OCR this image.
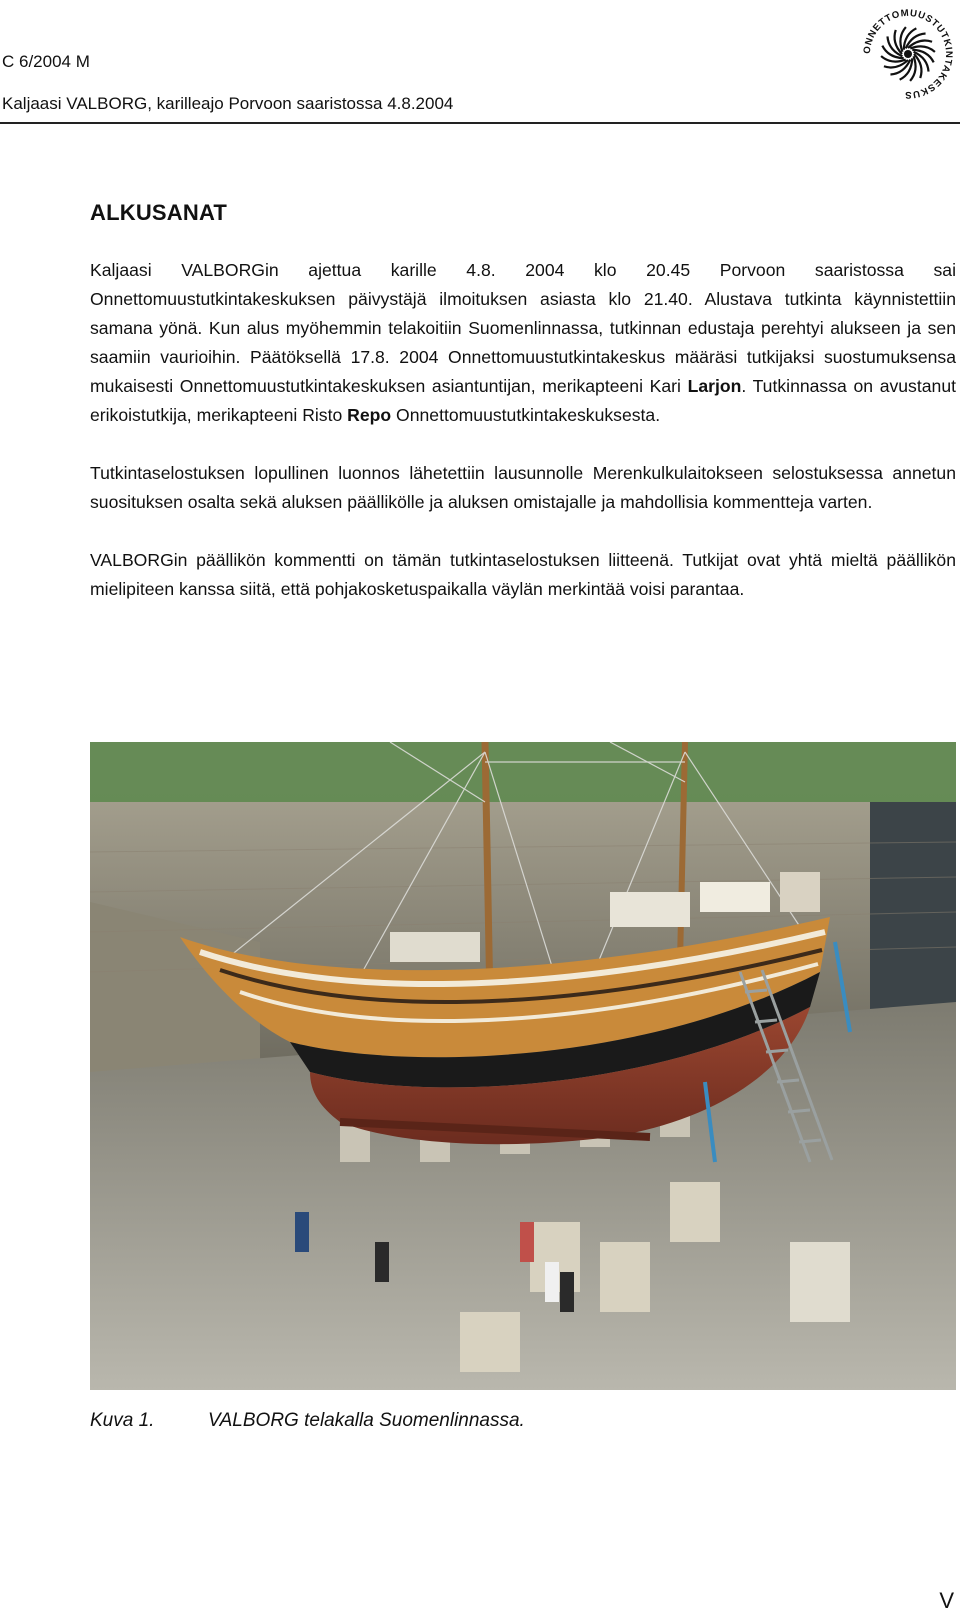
C 6/2004 M
Kaljaasi VALBORG, karilleajo Porvoon saaristossa 4.8.2004
ONNETTOMUUSTUTKINTAKESKUS
ALKUSANAT

Kaljaasi VALBORGin ajettua karille 4.8. 2004 klo 20.45 Porvoon saaristossa sai Onnettomuustutkintakeskuksen päivystäjä ilmoituksen asiasta klo 21.40. Alustava tutkinta käynnistettiin samana yönä. Kun alus myöhemmin telakoitiin Suomenlinnassa, tutkinnan edustaja perehtyi alukseen ja sen saamiin vaurioihin. Päätöksellä 17.8. 2004 Onnettomuustutkintakeskus määräsi tutkijaksi suostumuksensa mukaisesti Onnettomuustutkintakeskuksen asiantuntijan, merikapteeni Kari Larjon. Tutkinnassa on avustanut erikoistutkija, merikapteeni Risto Repo Onnettomuustutkintakeskuksesta.

Tutkintaselostuksen lopullinen luonnos lähetettiin lausunnolle Merenkulkulaitokseen selostuksessa annetun suosituksen osalta sekä aluksen päällikölle ja aluksen omistajalle ja mahdollisia kommentteja varten.

VALBORGin päällikön kommentti on tämän tutkintaselostuksen liitteenä. Tutkijat ovat yhtä mieltä päällikön mielipiteen kanssa siitä, että pohjakosketuspaikalla väylän merkintää voisi parantaa.

Kuva 1.	VALBORG telakalla Suomenlinnassa.
V
